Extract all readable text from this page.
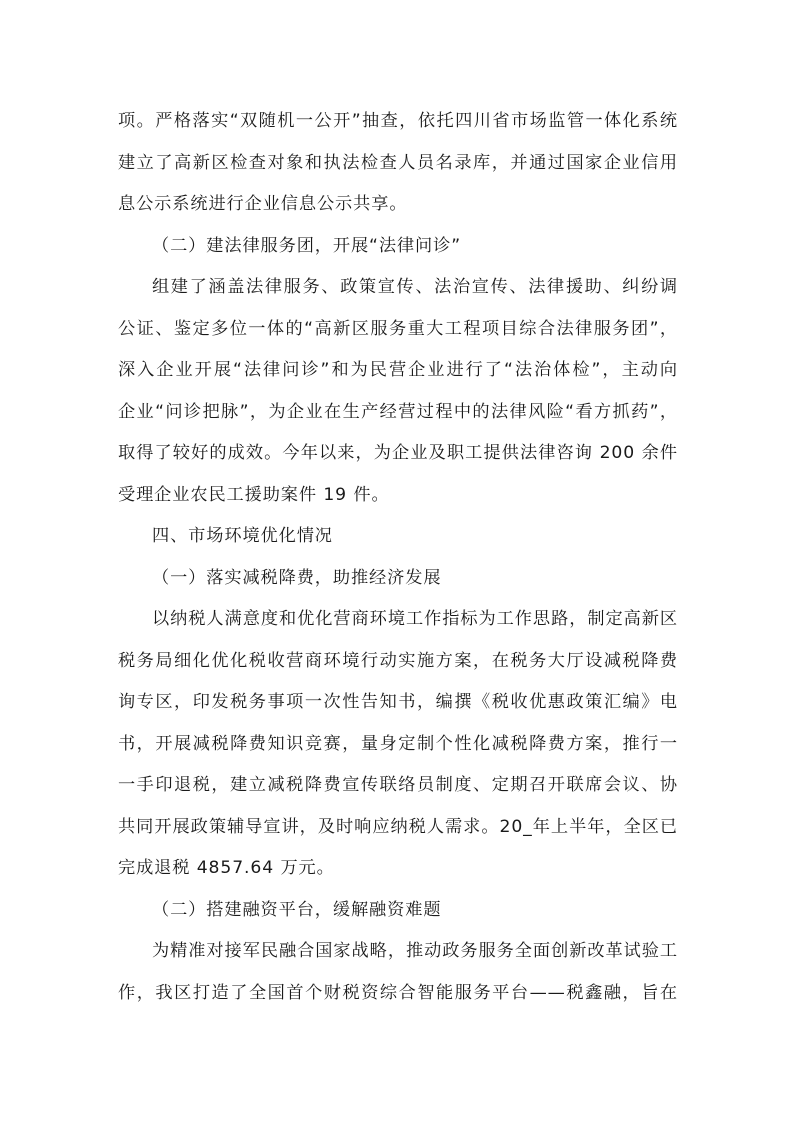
项。严格落实“双随机一公开”抽查，依托四川省市场监管一体化系统
建立了高新区检查对象和执法检查人员名录库，并通过国家企业信用
息公示系统进行企业信息公示共享。
（二）建法律服务团，开展“法律问诊”
组建了涵盖法律服务、政策宣传、法治宣传、法律援助、纠纷调
公证、鉴定多位一体的“高新区服务重大工程项目综合法律服务团”，
深入企业开展“法律问诊”和为民营企业进行了“法治体检”，主动向
企业“问诊把脉”，为企业在生产经营过程中的法律风险“看方抓药”，
取得了较好的成效。今年以来，为企业及职工提供法律咨询 200 余件
受理企业农民工援助案件 19 件。
四、市场环境优化情况
（一）落实减税降费，助推经济发展
以纳税人满意度和优化营商环境工作指标为工作思路，制定高新区
税务局细化优化税收营商环境行动实施方案，在税务大厅设减税降费
询专区，印发税务事项一次性告知书，编撰《税收优惠政策汇编》电
书，开展减税降费知识竞赛，量身定制个性化减税降费方案，推行一
一手印退税，建立减税降费宣传联络员制度、定期召开联席会议、协
共同开展政策辅导宣讲，及时响应纳税人需求。20_年上半年，全区已
完成退税 4857.64 万元。
（二）搭建融资平台，缓解融资难题
为精准对接军民融合国家战略，推动政务服务全面创新改革试验工
作，我区打造了全国首个财税资综合智能服务平台——税鑫融，旨在
